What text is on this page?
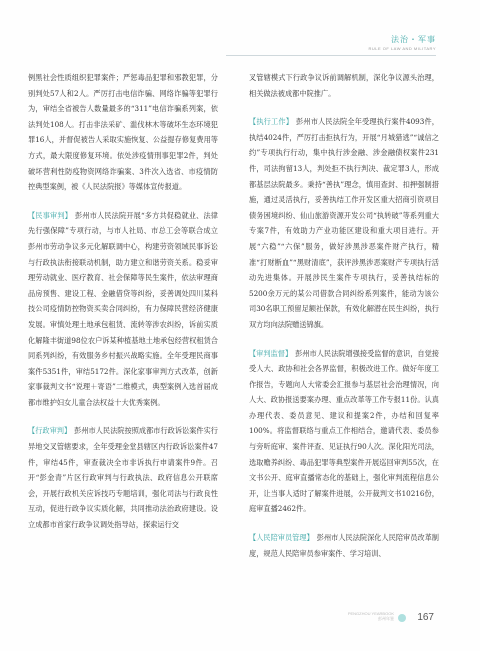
法治・军事
RULE OF LAW AND MILITARY

例黑社会性质组织犯罪案件；严惩毒品犯罪和邪教犯罪，分别判处57人和2人。严厉打击电信诈骗、网络诈骗等犯罪行为，审结全省被告人数量最多的“311”电信诈骗系列案，依法判处108人。打击非法采矿、滥伐林木等破坏生态环境犯罪16人，并督促被告人采取实施恢复、公益提存修复费用等方式，最大限度修复环境。依处涉疫情刑事犯罪2件，判处破坏营利性防疫物资网络诈骗案、3件次入选省、市疫情防控典型案例，被《人民法院报》等媒体宣传报道。

【民事审判】 彭州市人民法院开展“多方共促稳就业、法律先行强保障”专项行动，与市人社局、市总工会等联合成立彭州市劳动争议多元化解联调中心，构建劳资领域民事诉讼与行政执法衔接联动机制，助力建立和谐劳资关系。稳妥审理劳动就业、医疗教育、社会保障等民生案件，依法审理商品房预售、建设工程、金融借贷等纠纷，妥善调处四川某科技公司疫情防控物资买卖合同纠纷，有力保障民营经济健康发展。审慎处理土地承包租赁、流转等涉农纠纷，诉前实质化解隆丰街道98位农户诉某种植基地土地承包经营权租赁合同系列纠纷，有效服务乡村振兴战略实施。全年受理民商事案件5351件，审结5172件。深化家事审判方式改革，创新家事裁判文书“说理＋寄语”二维模式，典型案例入选首届成都市维护妇女儿童合法权益十大优秀案例。
【行政审判】 彭州市人民法院按照成都市行政诉讼案件实行异地交叉管辖要求，全年受理金堂县辖区内行政诉讼案件47件，审结45件，审查裁决全市非诉执行申请案件9件。召开“彭金青”片区行政审判与行政执法、政府信息公开联席会，开展行政机关应诉技巧专题培训，强化司法与行政良性互动，促进行政争议实质化解，共同推动法治政府建设。设立成都市首家行政争议调处指导站，探索运行交

叉管辖模式下行政争议诉前调解机制，深化争议源头治理，相关做法被成都中院推广。

【执行工作】 彭州市人民法院全年受理执行案件4093件，执结4024件，严厉打击拒执行为，开展“月城猎逃”“诚信之约”专项执行行动，集中执行涉金融、涉金融债权案件231件，司法拘留13人，判处拒不执行判决、裁定罪3人，形成都基层法院最多。秉持“善执”理念，慎用查封、扣押强制措施，通过灵活执行，妥善执结工作开发区重大招商引资项目债务困境纠纷、仙山旅游资源开发公司“执转破”等系列重大专案7件，有效助力产业功能区建设和重大项目进行。开展“六稳”“六保”服务，做好涉黑涉恶案件财产执行，精准“打财断血”“黑财清底”，获评涉黑涉恶案财产专项执行活动先进集体。开展涉民生案件专项执行，妥善执结标的5200余万元的某公司借款合同纠纷系列案件，能动为该公司30名职工预留足额社保款，有效化解潜在民生纠纷，执行双方均向法院赠送锦旗。
【审判监督】 彭州市人民法院增强接受监督的意识，自觉接受人大、政协和社会各界监督，积极改进工作。做好年度工作报告，专题向人大常委会汇报参与基层社会治理情况，向人大、政协报送要案办理、重点改革等工作专报11份。认真办理代表、委员意见、建议和提案2件，办结和回复率100%。将监督联络与重点工作相结合，邀请代表、委员参与旁听庭审、案件评查、见证执行90人次。深化阳光司法，选取赡养纠纷、毒品犯罪等典型案件开展巡回审判55次，在文书公开、庭审直播常态化的基础上，强化审判流程信息公开，让当事人适时了解案件进展，公开裁判文书10216份，庭审直播2462件。
【人民陪审员管理】 彭州市人民法院深化人民陪审员改革制度，规范人民陪审员参审案件、学习培训、
PENGZHOU YEARBOOK
彭州年鉴 167
